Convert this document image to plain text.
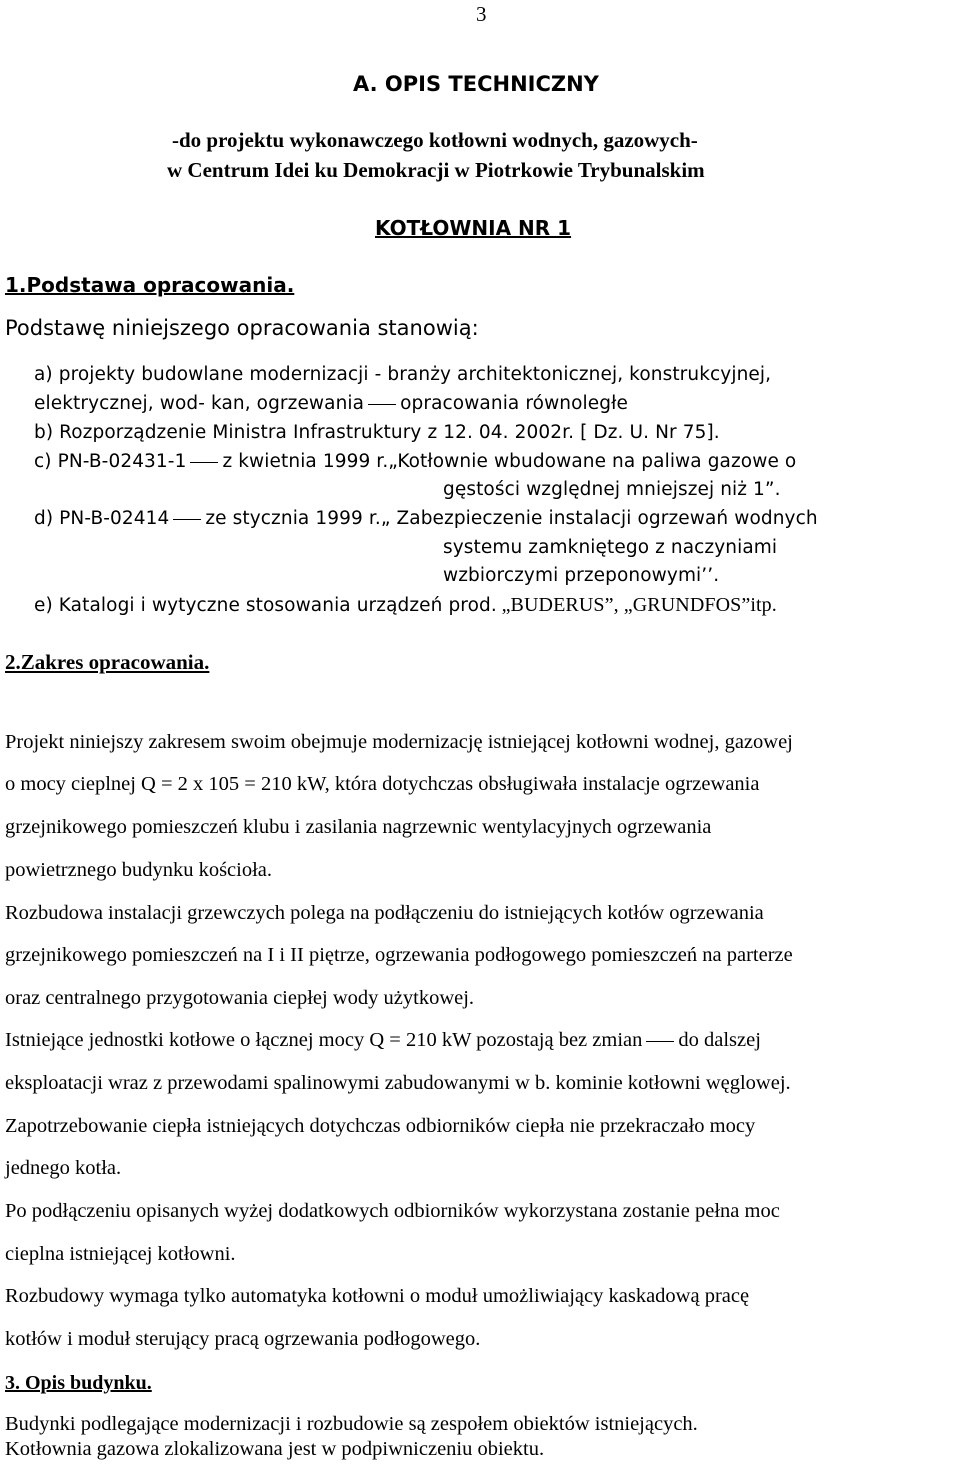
3
A. OPIS TECHNICZNY
-do projektu wykonawczego kotłowni wodnych, gazowych-
w Centrum Idei ku Demokracji w Piotrkowie Trybunalskim
KOTŁOWNIA NR 1
1.Podstawa opracowania.
Podstawę niniejszego opracowania stanowią:
a) projekty budowlane modernizacji - branży architektonicznej, konstrukcyjnej,
elektrycznej, wod- kan, ogrzewania opracowania równoległe
b) Rozporządzenie Ministra Infrastruktury z 12. 04. 2002r. [ Dz. U. Nr 75].
c) PN-B-02431-1 z kwietnia 1999 r.„Kotłownie wbudowane na paliwa gazowe o
gęstości względnej mniejszej niż 1”.
d) PN-B-02414 ze stycznia 1999 r.„ Zabezpieczenie instalacji ogrzewań wodnych
systemu zamkniętego z naczyniami
wzbiorczymi przeponowymi’’.
e) Katalogi i wytyczne stosowania urządzeń prod. „BUDERUS”, „GRUNDFOS”itp.
2.Zakres opracowania.
Projekt niniejszy zakresem swoim obejmuje modernizację istniejącej kotłowni wodnej, gazowej
o mocy cieplnej Q = 2 x 105 = 210 kW, która dotychczas obsługiwała instalacje ogrzewania
grzejnikowego pomieszczeń klubu i zasilania nagrzewnic wentylacyjnych ogrzewania
powietrznego budynku kościoła.
Rozbudowa instalacji grzewczych polega na podłączeniu do istniejących kotłów ogrzewania
grzejnikowego pomieszczeń na I i II piętrze, ogrzewania podłogowego pomieszczeń na parterze
oraz centralnego przygotowania ciepłej wody użytkowej.
Istniejące jednostki kotłowe o łącznej mocy Q = 210 kW pozostają bez zmian do dalszej
eksploatacji wraz z przewodami spalinowymi zabudowanymi w b. kominie kotłowni węglowej.
Zapotrzebowanie ciepła istniejących dotychczas odbiorników ciepła nie przekraczało mocy
jednego kotła.
Po podłączeniu opisanych wyżej dodatkowych odbiorników wykorzystana zostanie pełna moc
cieplna istniejącej kotłowni.
Rozbudowy wymaga tylko automatyka kotłowni o moduł umożliwiający kaskadową pracę
kotłów i moduł sterujący pracą ogrzewania podłogowego.
3. Opis budynku.
Budynki podlegające modernizacji i rozbudowie są zespołem obiektów istniejących.
Kotłownia gazowa zlokalizowana jest w podpiwniczeniu obiektu.
